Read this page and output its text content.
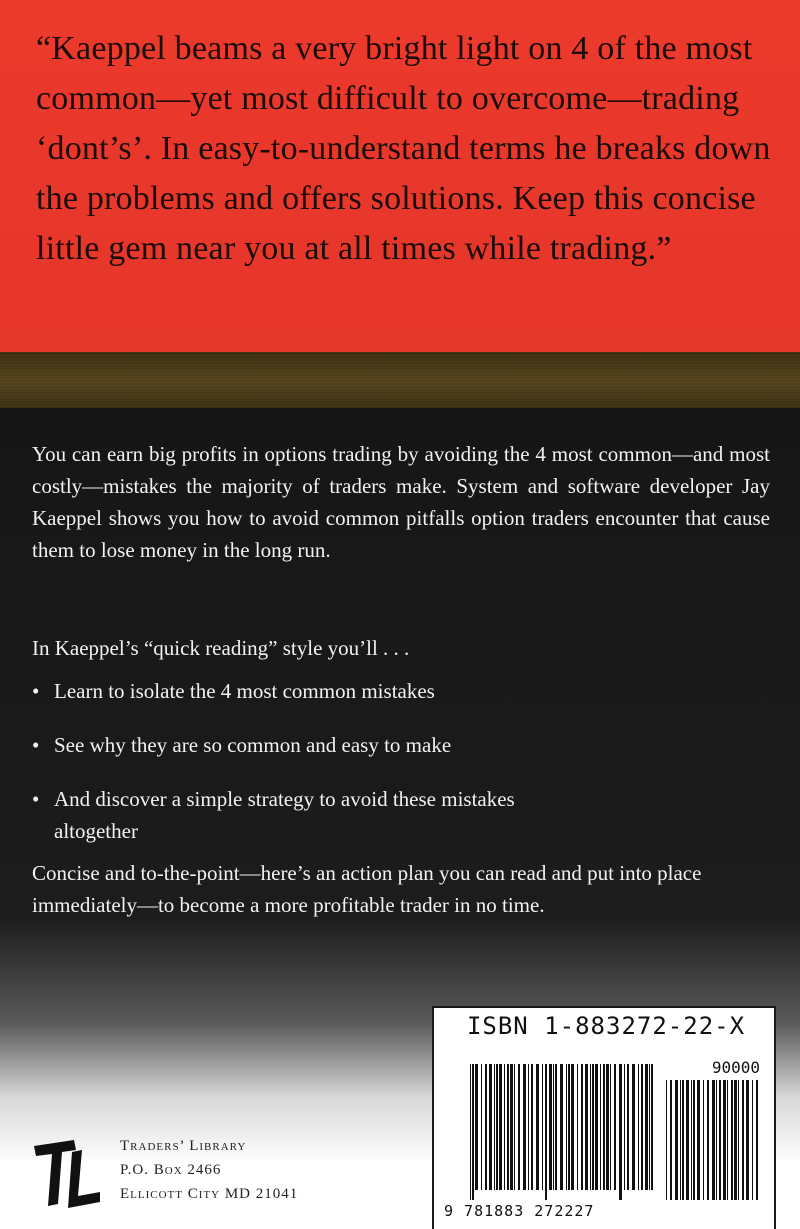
“Kaeppel beams a very bright light on 4 of the most
common—yet most difficult to overcome—trading
‘dont’s’. In easy-to-understand terms he breaks down
the problems and offers solutions. Keep this concise
little gem near you at all times while trading.”

You can earn big profits in options trading by avoiding the 4 most common—and most costly—mistakes the majority of traders make. System and software developer Jay Kaeppel shows you how to avoid common pitfalls option traders encounter that cause them to lose money in the long run.

In Kaeppel’s “quick reading” style you’ll . . .

• Learn to isolate the 4 most common mistakes
• See why they are so common and easy to make
• And discover a simple strategy to avoid these mistakes altogether

Concise and to-the-point—here’s an action plan you can read and put into place immediately—to become a more profitable trader in no time.

ISBN 1-883272-22-X
90000
9 781883 272227

Traders’ Library
P.O. Box 2466
Ellicott City MD 21041
